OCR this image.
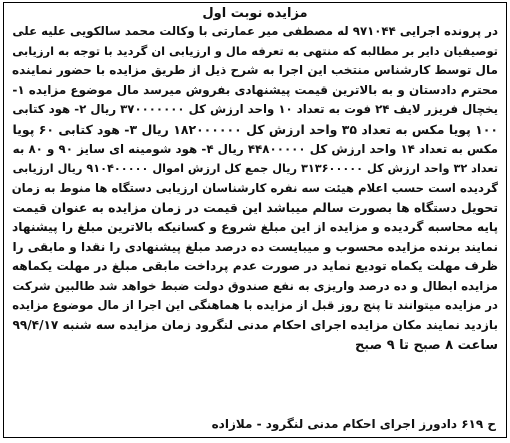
مزایده نوبت اول
در پرونده اجرایی ۹۷۱۰۴۴ له مصطفی میر عمارتی با وکالت محمد سالکویی علیه علی
توصیفیان دایر بر مطالبه که منتهی به تعرفه مال و ارزیابی ان گردید با توجه به ارزیابی
مال توسط کارشناس منتخب این اجرا به شرح ذیل از طریق مزایده با حضور نماینده
محترم دادستان و به بالاترین قیمت پیشنهادی بفروش میرسد مال موضوع مزایده ۱-
یخچال فریزر لایف ۲۴ فوت به تعداد ۱۰ واحد ارزش کل ۳۷۰۰۰۰۰۰۰ ریال ۲- هود کتابی
۱۰۰ پویا مکس به تعداد ۳۵ واحد ارزش کل ۱۸۲۰۰۰۰۰۰ ریال ۳- هود کتابی ۶۰ پویا
مکس به تعداد ۱۴ واحد ارزش کل ۴۴۸۰۰۰۰۰ ریال ۴- هود شومینه ای سایز ۹۰ و ۸۰ به
تعداد ۳۲ واحد ارزش کل ۳۱۳۶۰۰۰۰۰ ریال جمع کل ارزش اموال ۹۱۰۴۰۰۰۰۰ ریال ارزیابی
گردیده است حسب اعلام هیئت سه نفره کارشناسان ارزیابی دستگاه ها منوط به زمان
تحویل دستگاه ها بصورت سالم میباشد این قیمت در زمان مزایده به عنوان قیمت
پایه محاسبه گردیده و مزایده از این مبلغ شروع و کسانیکه بالاترین مبلغ را پیشنهاد
نمایند برنده مزایده محسوب و میبایست ده درصد مبلغ پیشنهادی را نقدا و مابقی را
ظرف مهلت یکماه تودیع نماید در صورت عدم پرداخت مابقی مبلغ در مهلت یکماهه
مزایده ابطال و ده درصد واریزی به نفع صندوق دولت ضبط خواهد شد طالبین شرکت
در مزایده میتوانند تا پنج روز قبل از مزایده با هماهنگی این اجرا از مال موضوع مزایده
بازدید نمایند مکان مزایده اجرای احکام مدنی لنگرود زمان مزایده سه شنبه ۹۹/۴/۱۷
ساعت ۸ صبح تا ۹ صبح
ح ۶۱۹ دادورز اجرای احکام مدنی لنگرود - ملازاده
